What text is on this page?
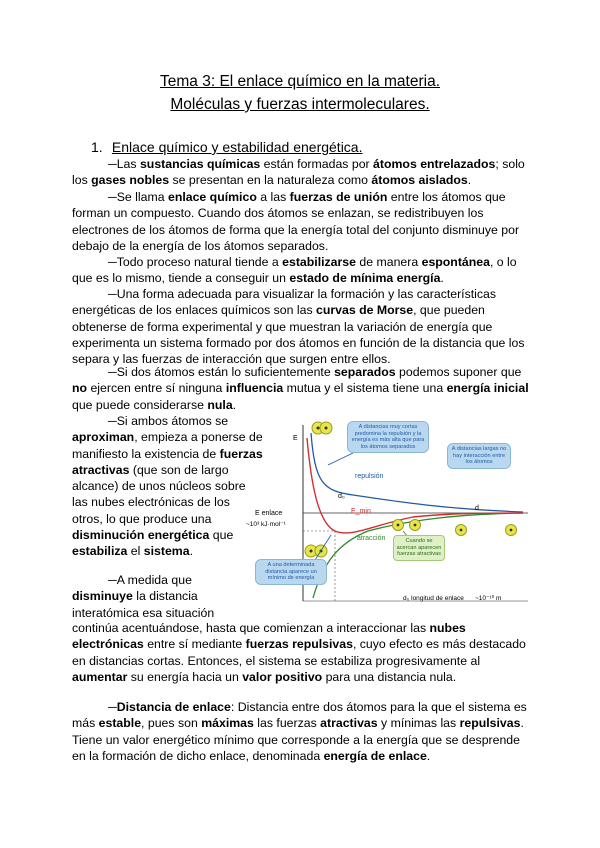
Tema 3: El enlace químico en la materia.
Moléculas y fuerzas intermoleculares.
1. Enlace químico y estabilidad energética.
─Las sustancias químicas están formadas por átomos entrelazados; solo los gases nobles se presentan en la naturaleza como átomos aislados.
─Se llama enlace químico a las fuerzas de unión entre los átomos que forman un compuesto. Cuando dos átomos se enlazan, se redistribuyen los electrones de los átomos de forma que la energía total del conjunto disminuye por debajo de la energía de los átomos separados.
─Todo proceso natural tiende a estabilizarse de manera espontánea, o lo que es lo mismo, tiende a conseguir un estado de mínima energía.
─Una forma adecuada para visualizar la formación y las características energéticas de los enlaces químicos son las curvas de Morse, que pueden obtenerse de forma experimental y que muestran la variación de energía que experimenta un sistema formado por dos átomos en función de la distancia que los separa y las fuerzas de interacción que surgen entre ellos.
─Si dos átomos están lo suficientemente separados podemos suponer que no ejercen entre sí ninguna influencia mutua y el sistema tiene una energía inicial que puede considerarse nula.
─Si ambos átomos se aproximan, empieza a ponerse de manifiesto la existencia de fuerzas atractivas (que son de largo alcance) de unos núcleos sobre las nubes electrónicas de los otros, lo que produce una disminución energética que estabiliza el sistema.
─A medida que disminuye la distancia interatómica esa situación
continúa acentuándose, hasta que comienzan a interaccionar las nubes electrónicas entre sí mediante fuerzas repulsivas, cuyo efecto es más destacado en distancias cortas. Entonces, el sistema se estabiliza progresivamente al aumentar su energía hacia un valor positivo para una distancia nula.
─Distancia de enlace: Distancia entre dos átomos para la que el sistema es más estable, pues son máximas las fuerzas atractivas y mínimas las repulsivas. Tiene un valor energético mínimo que corresponde a la energía que se desprende en la formación de dicho enlace, denominada energía de enlace.
E
E enlace
~10³ kJ·mol⁻¹
d₀
E_min	d
repulsión
atracción
d₀ longitud de enlace ~10⁻¹⁰ m
A distancias muy cortas predomina la repulsión y la energía es más alta que para los átomos separados	A distancias largas no hay interacción entre los átomos
A una determinada distancia aparece un mínimo de energía
Cuando se acercan aparecen fuerzas atractivas
